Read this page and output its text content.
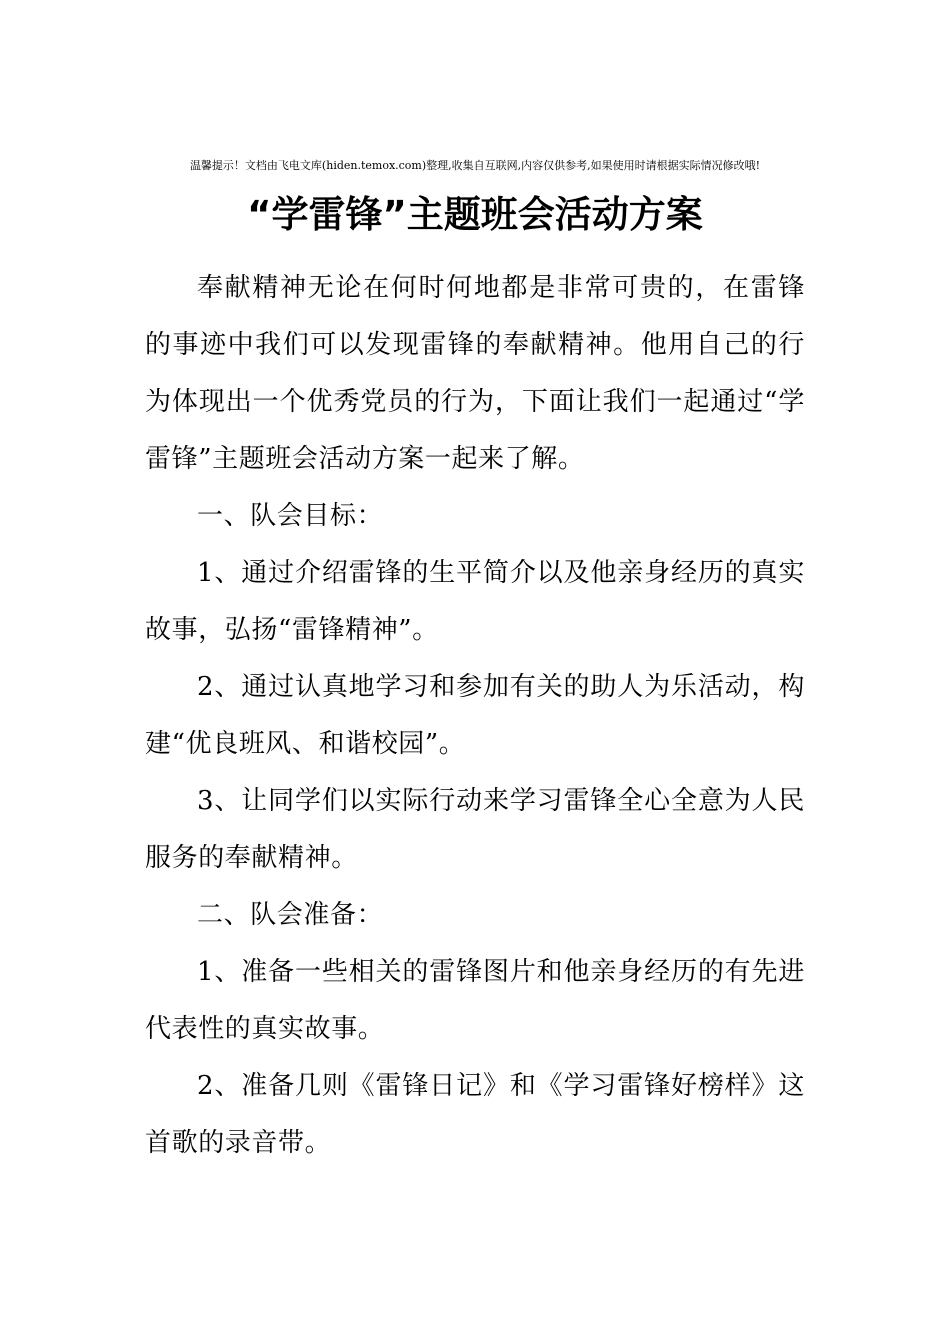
温馨提示！文档由飞电文库(hiden.temox.com)整理,收集自互联网,内容仅供参考,如果使用时请根据实际情况修改哦!
“学雷锋”主题班会活动方案

奉献精神无论在何时何地都是非常可贵的，在雷锋的事迹中我们可以发现雷锋的奉献精神。他用自己的行为体现出一个优秀党员的行为，下面让我们一起通过“学雷锋”主题班会活动方案一起来了解。

一、队会目标：

1、通过介绍雷锋的生平简介以及他亲身经历的真实故事，弘扬“雷锋精神”。

2、通过认真地学习和参加有关的助人为乐活动，构建“优良班风、和谐校园”。

3、让同学们以实际行动来学习雷锋全心全意为人民服务的奉献精神。

二、队会准备：

1、准备一些相关的雷锋图片和他亲身经历的有先进代表性的真实故事。

2、准备几则《雷锋日记》和《学习雷锋好榜样》这首歌的录音带。
